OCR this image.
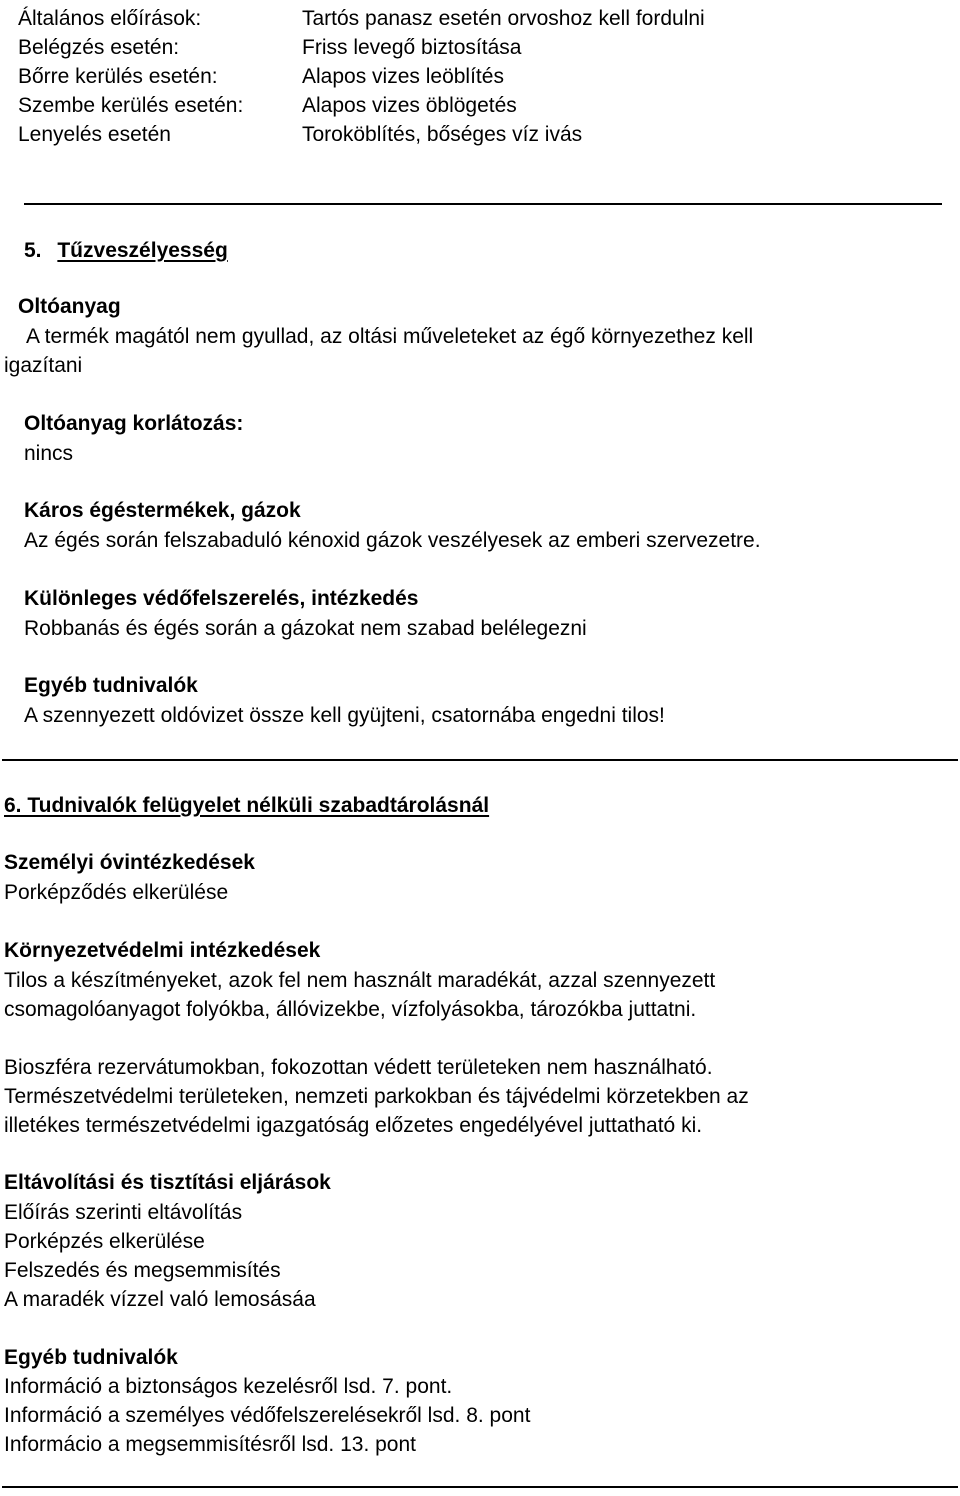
Általános előírások:	Tartós panasz esetén orvoshoz kell fordulni
Belégzés esetén:	Friss levegő biztosítása
Bőrre kerülés esetén:	Alapos vizes leöblítés
Szembe kerülés esetén:	Alapos vizes öblögetés
Lenyelés esetén	Toroköblítés, bőséges víz ivás
5. Tűzveszélyesség
Oltóanyag
A termék magától nem gyullad, az oltási műveleteket az égő környezethez kell
igazítani
Oltóanyag korlátozás:
nincs
Káros égéstermékek, gázok
Az égés során felszabaduló kénoxid gázok veszélyesek az emberi szervezetre.
Különleges védőfelszerelés, intézkedés
Robbanás és égés során a gázokat nem szabad belélegezni
Egyéb tudnivalók
A szennyezett oldóvizet össze kell gyüjteni, csatornába engedni tilos!
6. Tudnivalók felügyelet nélküli szabadtárolásnál
Személyi óvintézkedések
Porképződés elkerülése
Környezetvédelmi intézkedések
Tilos a készítményeket, azok fel nem használt maradékát, azzal szennyezett
csomagolóanyagot folyókba, állóvizekbe, vízfolyásokba, tározókba juttatni.
Bioszféra rezervátumokban, fokozottan védett területeken nem használható.
Természetvédelmi területeken, nemzeti parkokban és tájvédelmi körzetekben az
illetékes természetvédelmi igazgatóság előzetes engedélyével juttatható ki.
Eltávolítási és tisztítási eljárások
Előírás szerinti eltávolítás
Porképzés elkerülése
Felszedés és megsemmisítés
A maradék vízzel való lemosásáa
Egyéb tudnivalók
Információ a biztonságos kezelésről lsd. 7. pont.
Információ a személyes védőfelszerelésekről lsd. 8. pont
Informácio a megsemmisítésről lsd. 13. pont
